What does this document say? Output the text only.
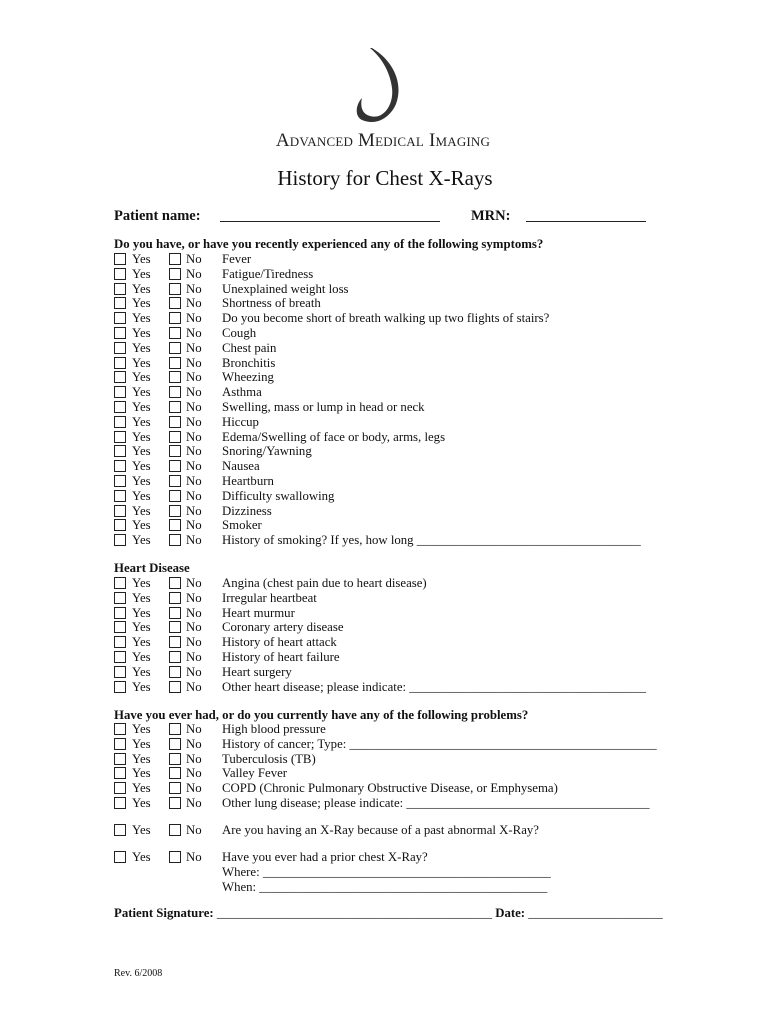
Advanced Medical Imaging
History for Chest X-Rays
Patient name:	MRN:
Do you have, or have you recently experienced any of the following symptoms?
Yes	No Fever
Yes	No Fatigue/Tiredness
Yes	No Unexplained weight loss
Yes	No Shortness of breath
Yes	No Do you become short of breath walking up two flights of stairs?
Yes	No Cough
Yes	No Chest pain
Yes	No Bronchitis
Yes	No Wheezing
Yes	No Asthma
Yes	No Swelling, mass or lump in head or neck
Yes	No Hiccup
Yes	No Edema/Swelling of face or body, arms, legs
Yes	No Snoring/Yawning
Yes	No Nausea
Yes	No Heartburn
Yes	No Difficulty swallowing
Yes	No Dizziness
Yes	No Smoker
Yes	No History of smoking? If yes, how long ___________________________________
Heart Disease
Yes	No Angina (chest pain due to heart disease)
Yes	No Irregular heartbeat
Yes	No Heart murmur
Yes	No Coronary artery disease
Yes	No History of heart attack
Yes	No History of heart failure
Yes	No Heart surgery
Yes	No Other heart disease; please indicate: _____________________________________
Have you ever had, or do you currently have any of the following problems?
Yes	No High blood pressure
Yes	No History of cancer; Type: ________________________________________________
Yes	No Tuberculosis (TB)
Yes	No Valley Fever
Yes	No COPD (Chronic Pulmonary Obstructive Disease, or Emphysema)
Yes	No Other lung disease; please indicate: ______________________________________
Yes	No Are you having an X-Ray because of a past abnormal X-Ray?
Yes	No Have you ever had a prior chest X-Ray?
Where: _____________________________________________
When: _____________________________________________
Patient Signature: ___________________________________________ Date: _____________________
Rev. 6/2008
